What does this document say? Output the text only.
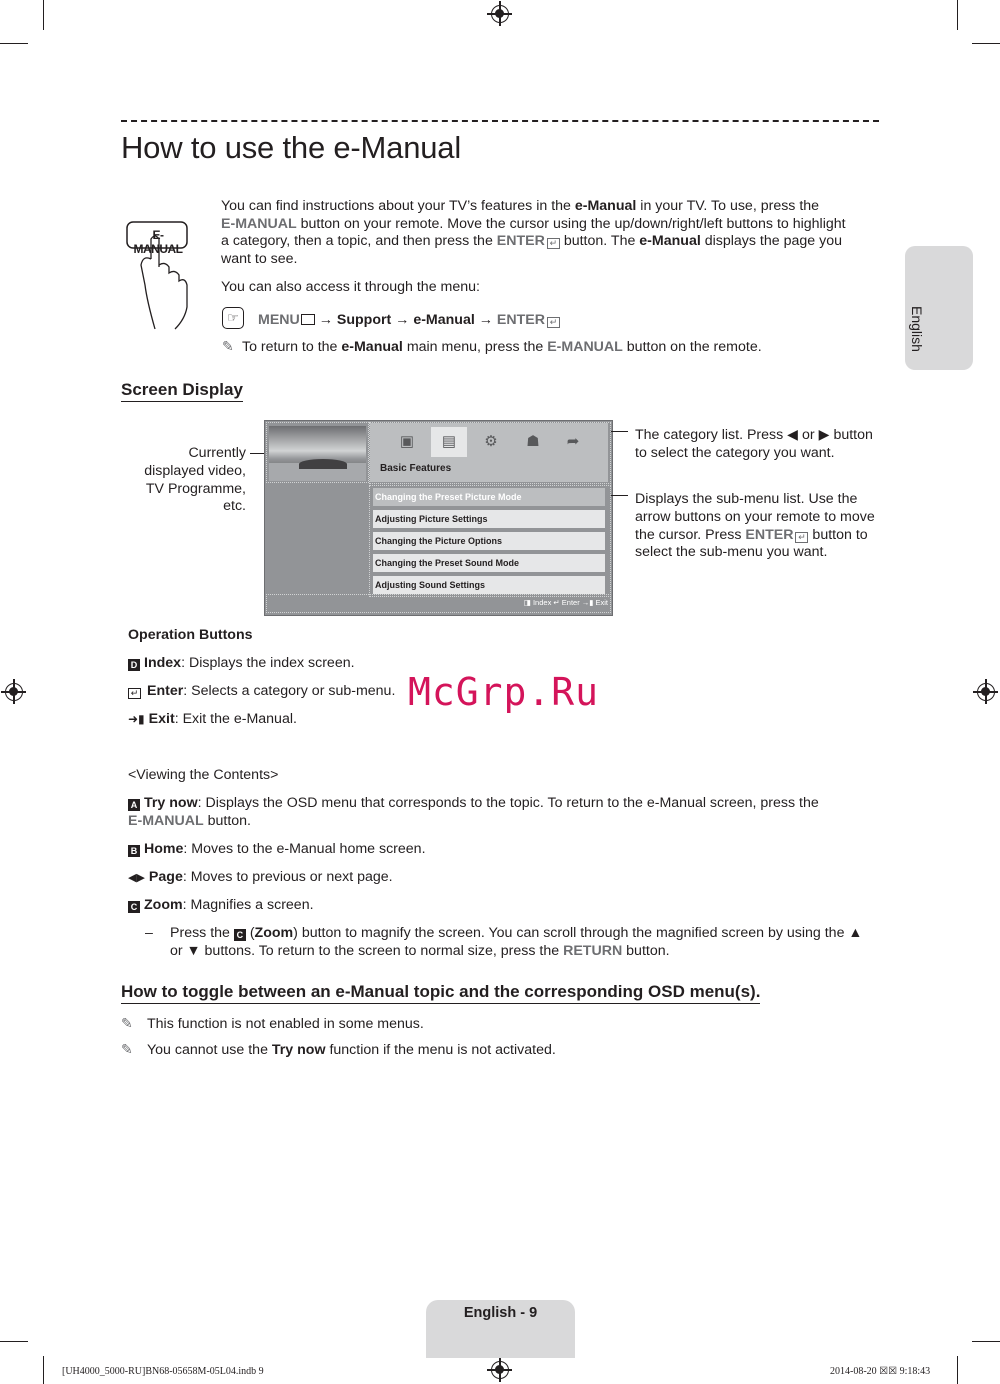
How to use the e-Manual
English
E-MANUAL
You can find instructions about your TV’s features in the e-Manual in your TV. To use, press the
E-MANUAL button on your remote. Move the cursor using the up/down/right/left buttons to highlight
a category, then a topic, and then press the ENTER ↵ button. The e-Manual displays the page you
want to see.
You can also access it through the menu:
☞	MENU → Support → e-Manual → ENTER ↵
✎ To return to the e-Manual main menu, press the E-MANUAL button on the remote.
Screen Display
Currently
displayed video,
TV Programme,
etc.
▣ ▤ ⚙ ☗	➦
Basic Features
Changing the Preset Picture Mode
Adjusting Picture Settings
Changing the Picture Options
Changing the Preset Sound Mode
Adjusting Sound Settings
◨ Index ↵ Enter →▮ Exit
The category list. Press ◀ or ▶ button
to select the category you want.
Displays the sub-menu list. Use the
arrow buttons on your remote to move
the cursor. Press ENTER ↵ button to
select the sub-menu you want.
Operation Buttons
D Index: Displays the index screen.
↵ Enter: Selects a category or sub-menu.
➜▮ Exit: Exit the e-Manual.
McGrp.Ru
<Viewing the Contents>
A Try now: Displays the OSD menu that corresponds to the topic. To return to the e-Manual screen, press the
E-MANUAL button.
B Home: Moves to the e-Manual home screen.
◀▶ Page: Moves to previous or next page.
C Zoom: Magnifies a screen.
– Press the C (Zoom) button to magnify the screen. You can scroll through the magnified screen by using the ▲
or ▼ buttons. To return to the screen to normal size, press the RETURN button.
How to toggle between an e-Manual topic and the corresponding OSD menu(s).
✎ This function is not enabled in some menus.
✎ You cannot use the Try now function if the menu is not activated.
English - 9
[UH4000_5000-RU]BN68-05658M-05L04.indb 9	2014-08-20 ☒☒ 9:18:43
